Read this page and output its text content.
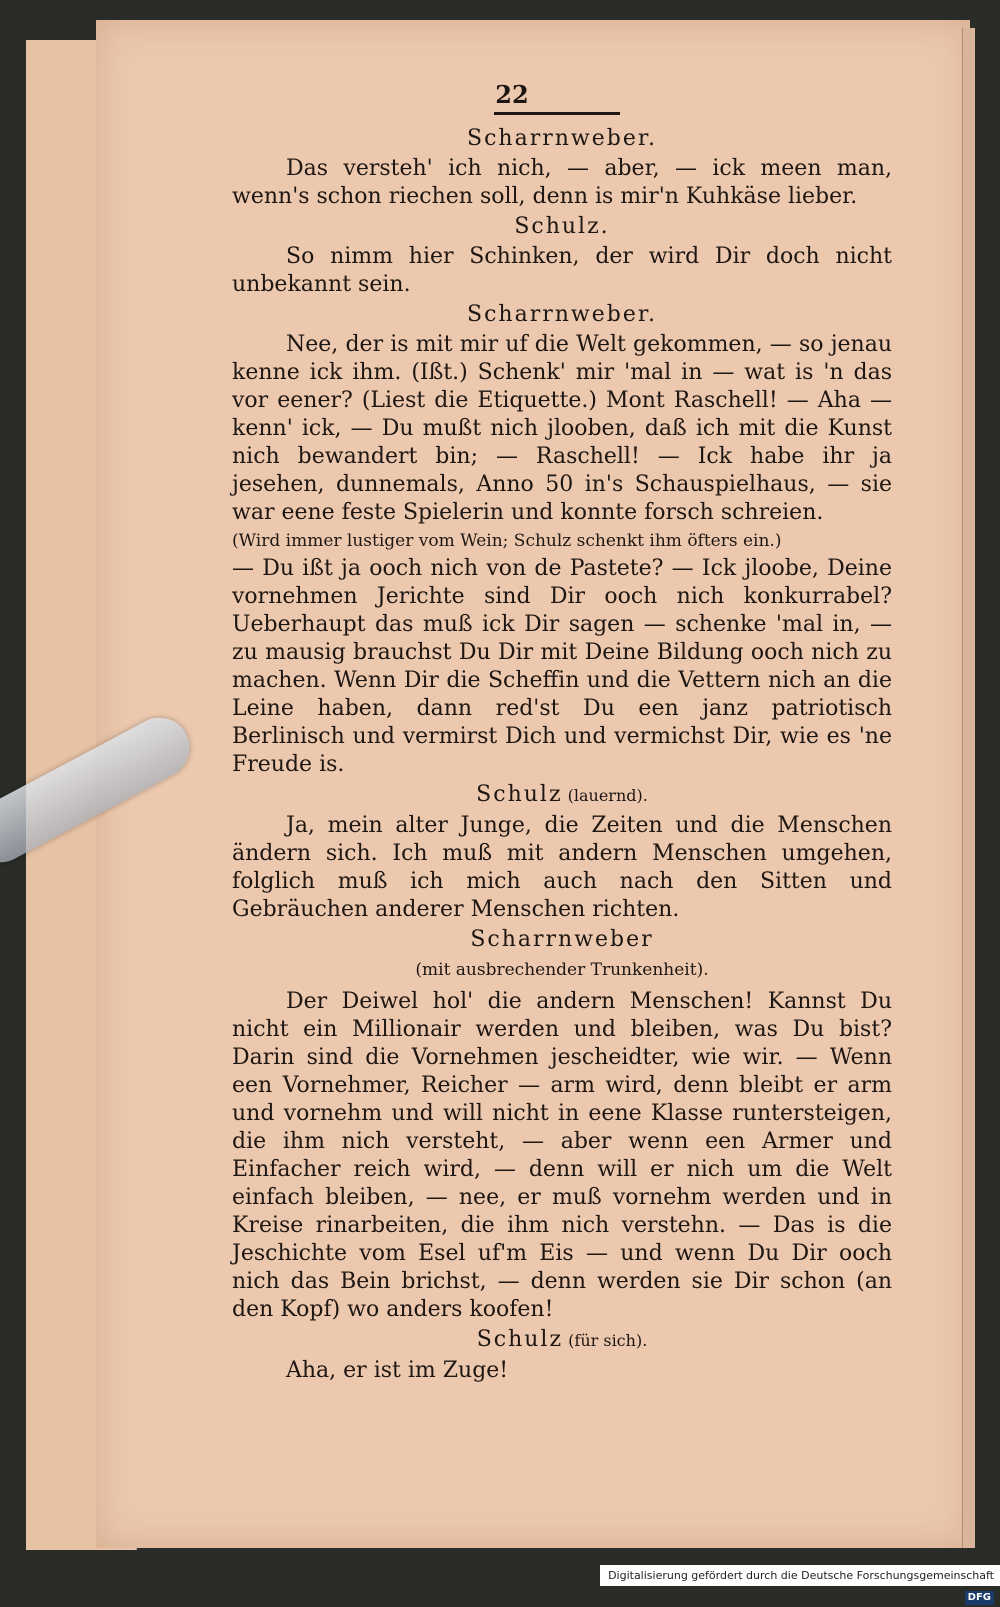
22
Scharrnweber.

Das versteh' ich nich, — aber, — ick meen man, wenn's schon riechen soll, denn is mir'n Kuhkäse lieber.

Schulz.

So nimm hier Schinken, der wird Dir doch nicht unbekannt sein.

Scharrnweber.

Nee, der is mit mir uf die Welt gekommen, — so jenau kenne ick ihm. (Ißt.) Schenk' mir 'mal in — wat is 'n das vor eener? (Liest die Etiquette.) Mont Raschell! — Aha — kenn' ick, — Du mußt nich jlooben, daß ich mit die Kunst nich bewandert bin; — Raschell! — Ick habe ihr ja jesehen, dunnemals, Anno 50 in's Schauspielhaus, — sie war eene feste Spielerin und konnte forsch schreien.

(Wird immer lustiger vom Wein; Schulz schenkt ihm öfters ein.)

— Du ißt ja ooch nich von de Pastete? — Ick jloobe, Deine vornehmen Jerichte sind Dir ooch nich konkurrabel? Ueberhaupt das muß ick Dir sagen — schenke 'mal in, — zu mausig brauchst Du Dir mit Deine Bildung ooch nich zu machen. Wenn Dir die Scheffin und die Vettern nich an die Leine haben, dann red'st Du een janz patriotisch Berlinisch und vermirst Dich und vermichst Dir, wie es 'ne Freude is.

Schulz (lauernd).

Ja, mein alter Junge, die Zeiten und die Menschen ändern sich. Ich muß mit andern Menschen umgehen, folglich muß ich mich auch nach den Sitten und Gebräuchen anderer Menschen richten.

Scharrnweber
(mit ausbrechender Trunkenheit).

Der Deiwel hol' die andern Menschen! Kannst Du nicht ein Millionair werden und bleiben, was Du bist? Darin sind die Vornehmen jescheidter, wie wir. — Wenn een Vornehmer, Reicher — arm wird, denn bleibt er arm und vornehm und will nicht in eene Klasse runtersteigen, die ihm nich versteht, — aber wenn een Armer und Einfacher reich wird, — denn will er nich um die Welt einfach bleiben, — nee, er muß vornehm werden und in Kreise rinarbeiten, die ihm nich verstehn. — Das is die Jeschichte vom Esel uf'm Eis — und wenn Du Dir ooch nich das Bein brichst, — denn werden sie Dir schon (an den Kopf) wo anders koofen!

Schulz (für sich).

Aha, er ist im Zuge!

Digitalisierung gefördert durch die Deutsche Forschungsgemeinschaft DFG
